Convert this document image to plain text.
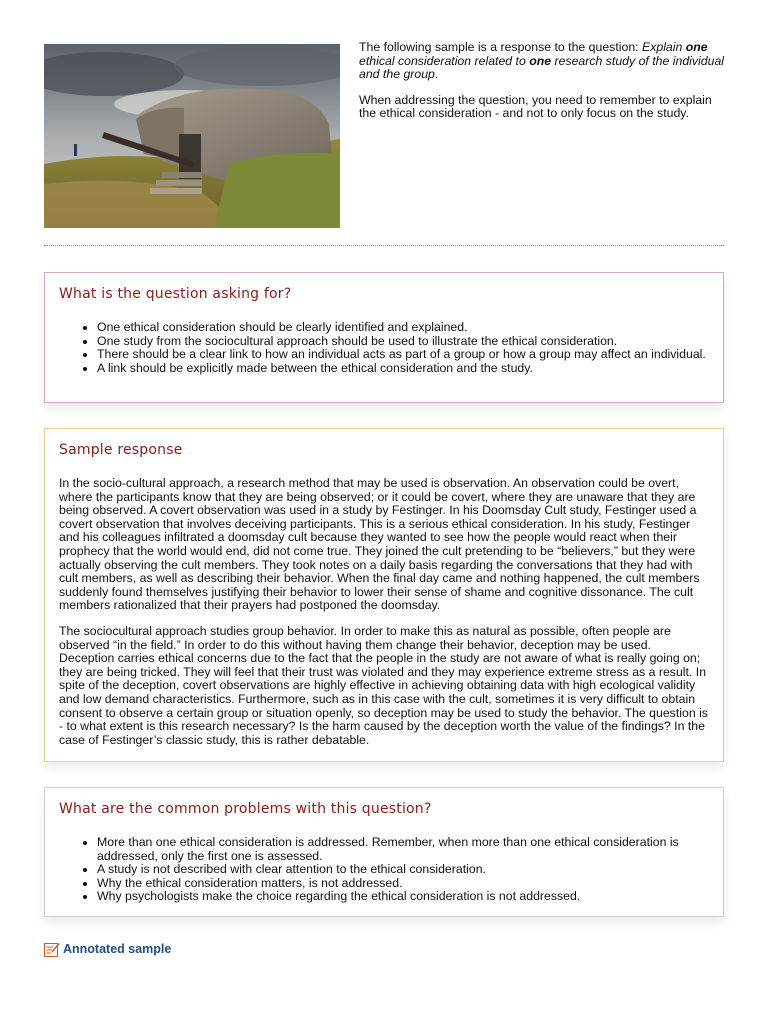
The following sample is a response to the question: Explain one ethical consideration related to one research study of the individual and the group.

When addressing the question, you need to remember to explain the ethical consideration - and not to only focus on the study.

What is the question asking for?
• One ethical consideration should be clearly identified and explained.
• One study from the sociocultural approach should be used to illustrate the ethical consideration.
• There should be a clear link to how an individual acts as part of a group or how a group may affect an individual.
• A link should be explicitly made between the ethical consideration and the study.
Sample response

In the socio-cultural approach, a research method that may be used is observation. An observation could be overt, where the participants know that they are being observed; or it could be covert, where they are unaware that they are being observed. A covert observation was used in a study by Festinger. In his Doomsday Cult study, Festinger used a covert observation that involves deceiving participants. This is a serious ethical consideration. In his study, Festinger and his colleagues infiltrated a doomsday cult because they wanted to see how the people would react when their prophecy that the world would end, did not come true. They joined the cult pretending to be “believers,” but they were actually observing the cult members. They took notes on a daily basis regarding the conversations that they had with cult members, as well as describing their behavior. When the final day came and nothing happened, the cult members suddenly found themselves justifying their behavior to lower their sense of shame and cognitive dissonance. The cult members rationalized that their prayers had postponed the doomsday.

The sociocultural approach studies group behavior. In order to make this as natural as possible, often people are observed “in the field.” In order to do this without having them change their behavior, deception may be used. Deception carries ethical concerns due to the fact that the people in the study are not aware of what is really going on; they are being tricked. They will feel that their trust was violated and they may experience extreme stress as a result. In spite of the deception, covert observations are highly effective in achieving obtaining data with high ecological validity and low demand characteristics. Furthermore, such as in this case with the cult, sometimes it is very difficult to obtain consent to observe a certain group or situation openly, so deception may be used to study the behavior. The question is - to what extent is this research necessary? Is the harm caused by the deception worth the value of the findings? In the case of Festinger’s classic study, this is rather debatable.

What are the common problems with this question?
• More than one ethical consideration is addressed. Remember, when more than one ethical consideration is addressed, only the first one is assessed.
• A study is not described with clear attention to the ethical consideration.
• Why the ethical consideration matters, is not addressed.
• Why psychologists make the choice regarding the ethical consideration is not addressed.
Annotated sample
